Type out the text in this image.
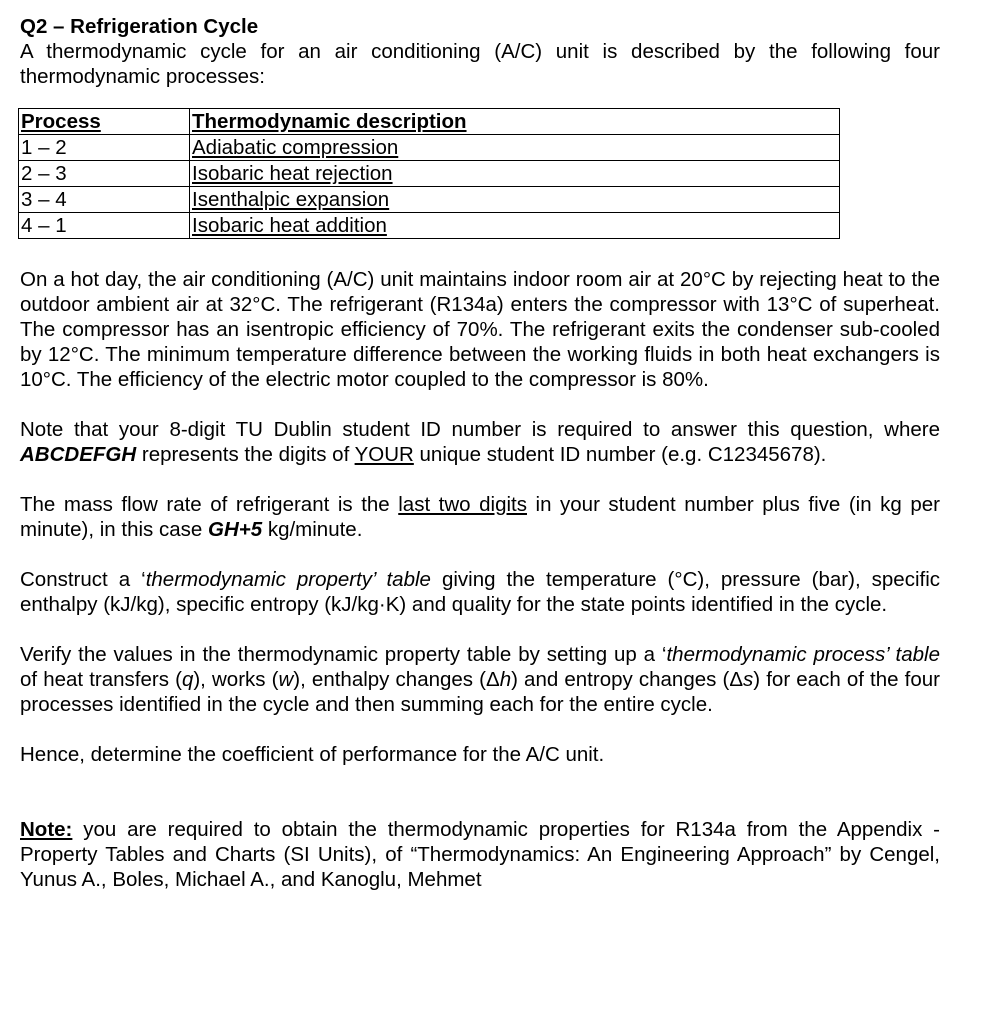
Q2 – Refrigeration Cycle

A thermodynamic cycle for an air conditioning (A/C) unit is described by the following four thermodynamic processes:

Process	Thermodynamic description
1 – 2	Adiabatic compression
2 – 3	Isobaric heat rejection
3 – 4	Isenthalpic expansion
4 – 1	Isobaric heat addition

On a hot day, the air conditioning (A/C) unit maintains indoor room air at 20°C by rejecting heat to the outdoor ambient air at 32°C. The refrigerant (R134a) enters the compressor with 13°C of superheat. The compressor has an isentropic efficiency of 70%. The refrigerant exits the condenser sub-cooled by 12°C. The minimum temperature difference between the working fluids in both heat exchangers is 10°C. The efficiency of the electric motor coupled to the compressor is 80%.

Note that your 8-digit TU Dublin student ID number is required to answer this question, where ABCDEFGH represents the digits of YOUR unique student ID number (e.g. C12345678).

The mass flow rate of refrigerant is the last two digits in your student number plus five (in kg per minute), in this case GH+5 kg/minute.

Construct a ‘thermodynamic property’ table giving the temperature (°C), pressure (bar), specific enthalpy (kJ/kg), specific entropy (kJ/kg·K) and quality for the state points identified in the cycle.

Verify the values in the thermodynamic property table by setting up a ‘thermodynamic process’ table of heat transfers (q), works (w), enthalpy changes (Δh) and entropy changes (Δs) for each of the four processes identified in the cycle and then summing each for the entire cycle.

Hence, determine the coefficient of performance for the A/C unit.

Note: you are required to obtain the thermodynamic properties for R134a from the Appendix - Property Tables and Charts (SI Units), of “Thermodynamics: An Engineering Approach” by Cengel, Yunus A., Boles, Michael A., and Kanoglu, Mehmet
